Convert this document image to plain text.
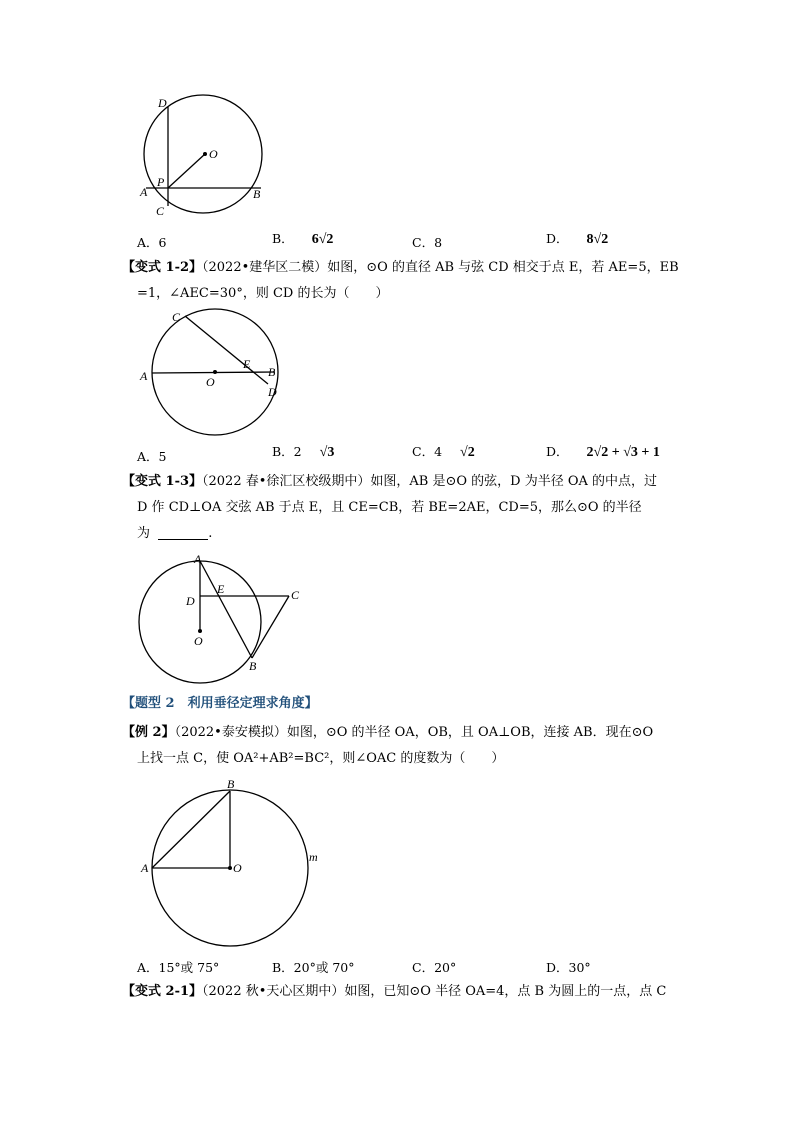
D
O
P
A	B
C
A．6	B． 6√2	C．8	D． 8√2
【变式 1-2】（2022•建华区二模）如图，⊙O 的直径 AB 与弦 CD 相交于点 E，若 AE=5，EB
=1，∠AEC=30°，则 CD 的长为（　　）
C
E
A	O
B
D
A．5	B．2 √3	C．4 √2	D． 2√2 + √3 + 1
【变式 1-3】（2022 春•徐汇区校级期中）如图，AB 是⊙O 的弦，D 为半径 OA 的中点，过
D 作 CD⊥OA 交弦 AB 于点 E，且 CE=CB，若 BE=2AE，CD=5，那么⊙O 的半径
为	.
A
E	C
D
O
B
【题型 2　利用垂径定理求角度】
【例 2】（2022•泰安模拟）如图，⊙O 的半径 OA，OB，且 OA⊥OB，连接 AB．现在⊙O
上找一点 C，使 OA²+AB²=BC²，则∠OAC 的度数为（　　）
B
A	O
m
A．15°或 75°	B．20°或 70°	C．20°	D．30°
【变式 2-1】（2022 秋•天心区期中）如图，已知⊙O 半径 OA=4，点 B 为圆上的一点，点 C
